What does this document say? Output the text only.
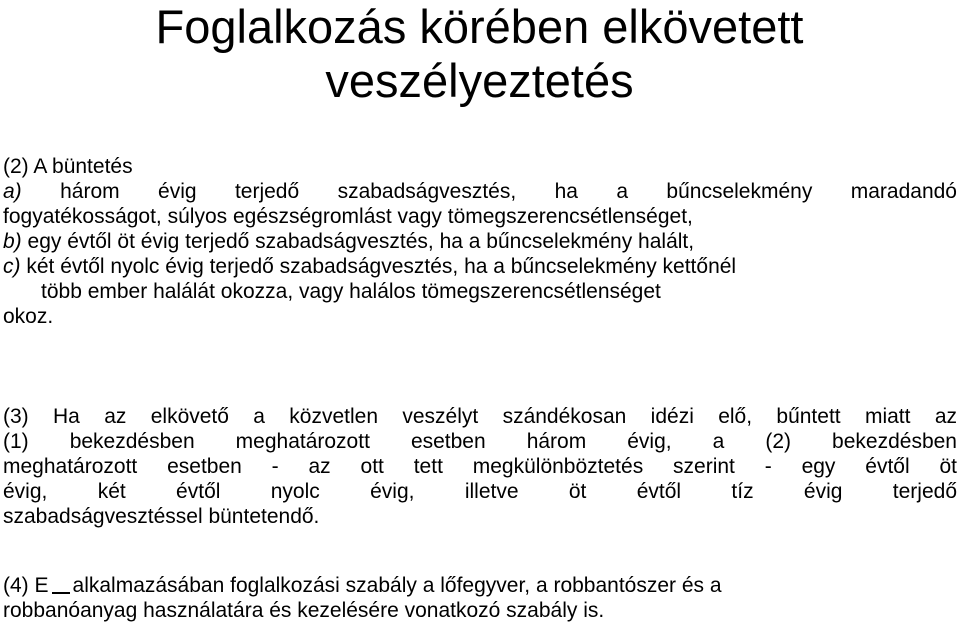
Foglalkozás körében elkövetett
veszélyeztetés
(2) A büntetés
a) három évig terjedő szabadságvesztés, ha a bűncselekmény maradandó
fogyatékosságot, súlyos egészségromlást vagy tömegszerencsétlenséget,
b) egy évtől öt évig terjedő szabadságvesztés, ha a bűncselekmény halált,
c) két évtől nyolc évig terjedő szabadságvesztés, ha a bűncselekmény kettőnél
több ember halálát okozza, vagy halálos tömegszerencsétlenséget
okoz.
(3) Ha az elkövető a közvetlen veszélyt szándékosan idézi elő, bűntett miatt az
(1) bekezdésben meghatározott esetben három évig, a (2) bekezdésben
meghatározott esetben - az ott tett megkülönböztetés szerint - egy évtől öt
évig, két évtől nyolc évig, illetve öt évtől tíz évig terjedő
szabadságvesztéssel büntetendő.
(4) E alkalmazásában foglalkozási szabály a lőfegyver, a robbantószer és a
robbanóanyag használatára és kezelésére vonatkozó szabály is.
